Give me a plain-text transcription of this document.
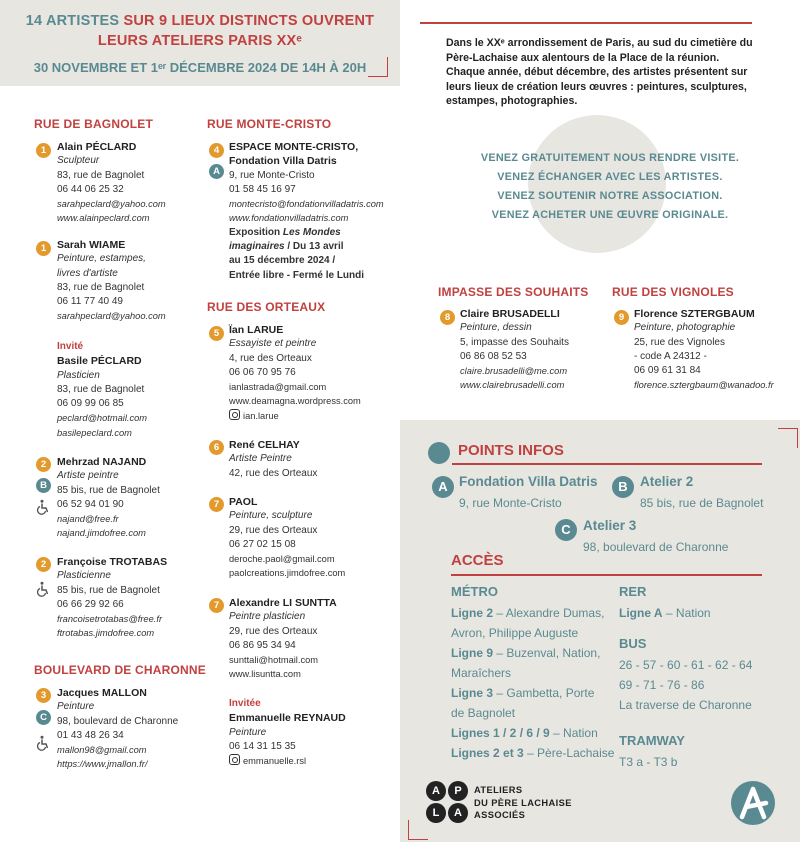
14 ARTISTES SUR 9 LIEUX DISTINCTS OUVRENT
LEURS ATELIERS PARIS XXᵉ
30 NOVEMBRE ET 1ᵉʳ DÉCEMBRE 2024 DE 14H À 20H
RUE DE BAGNOLET
1	Alain PÉCLARD
Sculpteur
83, rue de Bagnolet
06 44 06 25 32
sarahpeclard@yahoo.com
www.alainpeclard.com
1	Sarah WIAME
Peinture, estampes,
livres d'artiste
83, rue de Bagnolet
06 11 77 40 49
sarahpeclard@yahoo.com
Invité
Basile PÉCLARD
Plasticien
83, rue de Bagnolet
06 09 99 06 85
peclard@hotmail.com
basilepeclard.com
2
B
Mehrzad NAJAND
Artiste peintre
85 bis, rue de Bagnolet
06 52 94 01 90
najand@free.fr
najand.jimdofree.com
2	Françoise TROTABAS
Plasticienne
85 bis, rue de Bagnolet
06 66 29 92 66
francoisetrotabas@free.fr
ftrotabas.jimdofree.com
BOULEVARD DE CHARONNE
3
C
Jacques MALLON
Peinture
98, boulevard de Charonne
01 43 48 26 34
mallon98@gmail.com
https://www.jmallon.fr/
RUE MONTE-CRISTO
4
A
ESPACE MONTE-CRISTO,
Fondation Villa Datris
9, rue Monte-Cristo
01 58 45 16 97
montecristo@fondationvilladatris.com
www.fondationvilladatris.com
Exposition Les Mondes
imaginaires / Du 13 avril
au 15 décembre 2024 /
Entrée libre - Fermé le Lundi
RUE DES ORTEAUX
5 Ïan LARUE
Essayiste et peintre
4, rue des Orteaux
06 06 70 95 76
ianlastrada@gmail.com
www.deamagna.wordpress.com
ian.larue
6 René CELHAY
Artiste Peintre
42, rue des Orteaux
7 PAOL
Peinture, sculpture
29, rue des Orteaux
06 27 02 15 08
deroche.paol@gmail.com
paolcreations.jimdofree.com
7 Alexandre LI SUNTTA
Peintre plasticien
29, rue des Orteaux
06 86 95 34 94
sunttali@hotmail.com
www.lisuntta.com
Invitée
Emmanuelle REYNAUD
Peinture
06 14 31 15 35
emmanuelle.rsl
Dans le XXᵉ arrondissement de Paris, au sud du cimetière du
Père-Lachaise aux alentours de la Place de la réunion.
Chaque année, début décembre, des artistes présentent sur
leurs lieux de création leurs œuvres : peintures, sculptures,
estampes, photographies.
VENEZ GRATUITEMENT NOUS RENDRE VISITE.
VENEZ ÉCHANGER AVEC LES ARTISTES.
VENEZ SOUTENIR NOTRE ASSOCIATION.
VENEZ ACHETER UNE ŒUVRE ORIGINALE.
IMPASSE DES SOUHAITS
8 Claire BRUSADELLI
Peinture, dessin
5, impasse des Souhaits
06 86 08 52 53
claire.brusadelli@me.com
www.clairebrusadelli.com
RUE DES VIGNOLES
9 Florence SZTERGBAUM
Peinture, photographie
25, rue des Vignoles
- code A 24312 -
06 09 61 31 84
florence.sztergbaum@wanadoo.fr
POINTS INFOS
A Fondation Villa Datris
9, rue Monte-Cristo
B Atelier 2
85 bis, rue de Bagnolet
C Atelier 3
98, boulevard de Charonne
ACCÈS
MÉTRO
Ligne 2 – Alexandre Dumas,
Avron, Philippe Auguste
Ligne 9 – Buzenval, Nation,
Maraîchers
Ligne 3 – Gambetta, Porte
de Bagnolet
Lignes 1 / 2 / 6 / 9 – Nation
Lignes 2 et 3 – Père-Lachaise
RER
Ligne A – Nation
BUS
26 - 57 - 60 - 61 - 62 - 64
69 - 71 - 76 - 86
La traverse de Charonne
TRAMWAY
T3 a - T3 b
A	P
L	A
ATELIERS
DU PÈRE LACHAISE
ASSOCIÉS
